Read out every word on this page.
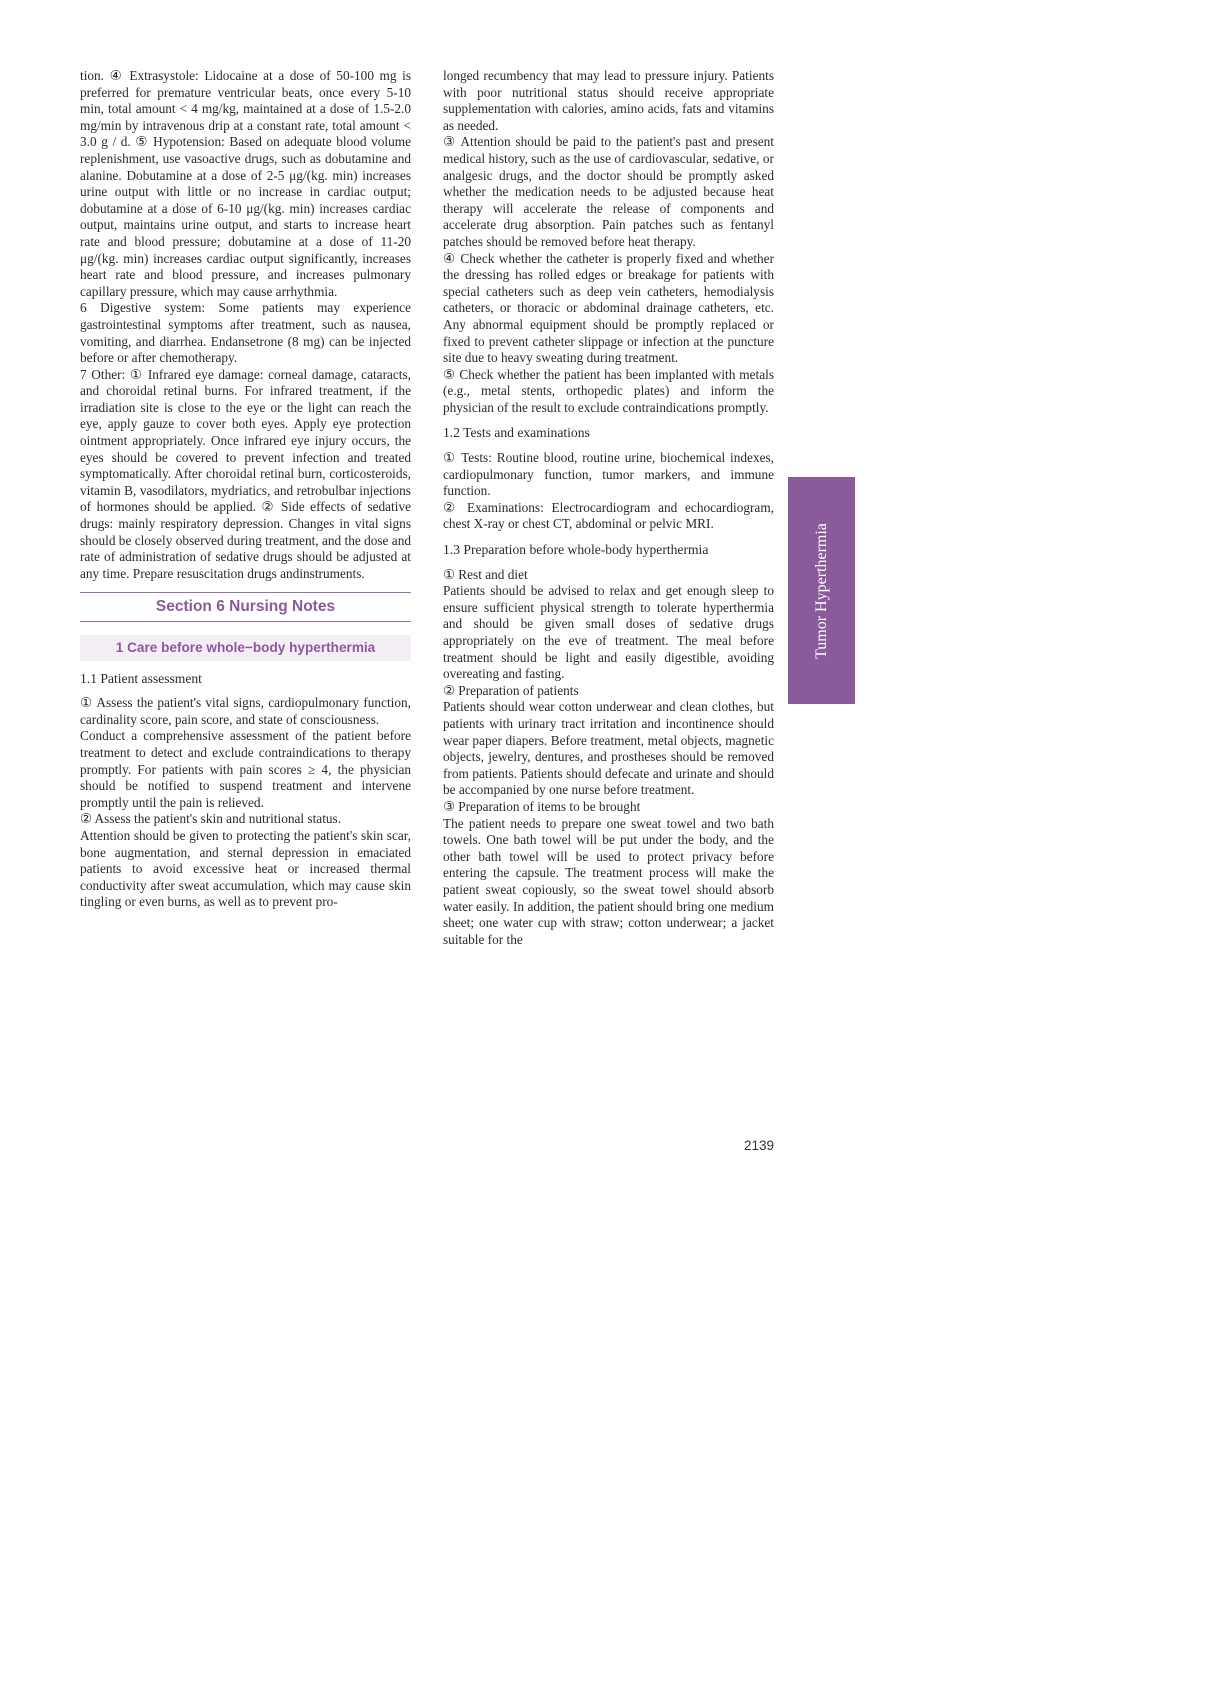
tion. ④ Extrasystole: Lidocaine at a dose of 50-100 mg is preferred for premature ventricular beats, once every 5-10 min, total amount < 4 mg/kg, maintained at a dose of 1.5-2.0 mg/min by intravenous drip at a constant rate, total amount < 3.0 g / d. ⑤ Hypotension: Based on adequate blood volume replenishment, use vasoactive drugs, such as dobutamine and alanine. Dobutamine at a dose of 2-5 μg/(kg. min) increases urine output with little or no increase in cardiac output; dobutamine at a dose of 6-10 μg/(kg. min) increases cardiac output, maintains urine output, and starts to increase heart rate and blood pressure; dobutamine at a dose of 11-20 μg/(kg. min) increases cardiac output significantly, increases heart rate and blood pressure, and increases pulmonary capillary pressure, which may cause arrhythmia.

6 Digestive system: Some patients may experience gastrointestinal symptoms after treatment, such as nausea, vomiting, and diarrhea. Endansetrone (8 mg) can be injected before or after chemotherapy.

7 Other: ① Infrared eye damage: corneal damage, cataracts, and choroidal retinal burns. For infrared treatment, if the irradiation site is close to the eye or the light can reach the eye, apply gauze to cover both eyes. Apply eye protection ointment appropriately. Once infrared eye injury occurs, the eyes should be covered to prevent infection and treated symptomatically. After choroidal retinal burn, corticosteroids, vitamin B, vasodilators, mydriatics, and retrobulbar injections of hormones should be applied. ② Side effects of sedative drugs: mainly respiratory depression. Changes in vital signs should be closely observed during treatment, and the dose and rate of administration of sedative drugs should be adjusted at any time. Prepare resuscitation drugs andinstruments.

Section 6 Nursing Notes
1 Care before whole−body hyperthermia
1.1 Patient assessment

① Assess the patient's vital signs, cardiopulmonary function, cardinality score, pain score, and state of consciousness.

Conduct a comprehensive assessment of the patient before treatment to detect and exclude contraindications to therapy promptly. For patients with pain scores ≥ 4, the physician should be notified to suspend treatment and intervene promptly until the pain is relieved.

② Assess the patient's skin and nutritional status.

Attention should be given to protecting the patient's skin scar, bone augmentation, and sternal depression in emaciated patients to avoid excessive heat or increased thermal conductivity after sweat accumulation, which may cause skin tingling or even burns, as well as to prevent pro-

longed recumbency that may lead to pressure injury. Patients with poor nutritional status should receive appropriate supplementation with calories, amino acids, fats and vitamins as needed.

③ Attention should be paid to the patient's past and present medical history, such as the use of cardiovascular, sedative, or analgesic drugs, and the doctor should be promptly asked whether the medication needs to be adjusted because heat therapy will accelerate the release of components and accelerate drug absorption. Pain patches such as fentanyl patches should be removed before heat therapy.

④ Check whether the catheter is properly fixed and whether the dressing has rolled edges or breakage for patients with special catheters such as deep vein catheters, hemodialysis catheters, or thoracic or abdominal drainage catheters, etc. Any abnormal equipment should be promptly replaced or fixed to prevent catheter slippage or infection at the puncture site due to heavy sweating during treatment.

⑤ Check whether the patient has been implanted with metals (e.g., metal stents, orthopedic plates) and inform the physician of the result to exclude contraindications promptly.

1.2 Tests and examinations

① Tests: Routine blood, routine urine, biochemical indexes, cardiopulmonary function, tumor markers, and immune function.

② Examinations: Electrocardiogram and echocardiogram, chest X-ray or chest CT, abdominal or pelvic MRI.

1.3 Preparation before whole-body hyperthermia

① Rest and diet

Patients should be advised to relax and get enough sleep to ensure sufficient physical strength to tolerate hyperthermia and should be given small doses of sedative drugs appropriately on the eve of treatment. The meal before treatment should be light and easily digestible, avoiding overeating and fasting.

② Preparation of patients

Patients should wear cotton underwear and clean clothes, but patients with urinary tract irritation and incontinence should wear paper diapers. Before treatment, metal objects, magnetic objects, jewelry, dentures, and prostheses should be removed from patients. Patients should defecate and urinate and should be accompanied by one nurse before treatment.

③ Preparation of items to be brought

The patient needs to prepare one sweat towel and two bath towels. One bath towel will be put under the body, and the other bath towel will be used to protect privacy before entering the capsule. The treatment process will make the patient sweat copiously, so the sweat towel should absorb water easily. In addition, the patient should bring one medium sheet; one water cup with straw; cotton underwear; a jacket suitable for the

Tumor Hyperthermia
2139
